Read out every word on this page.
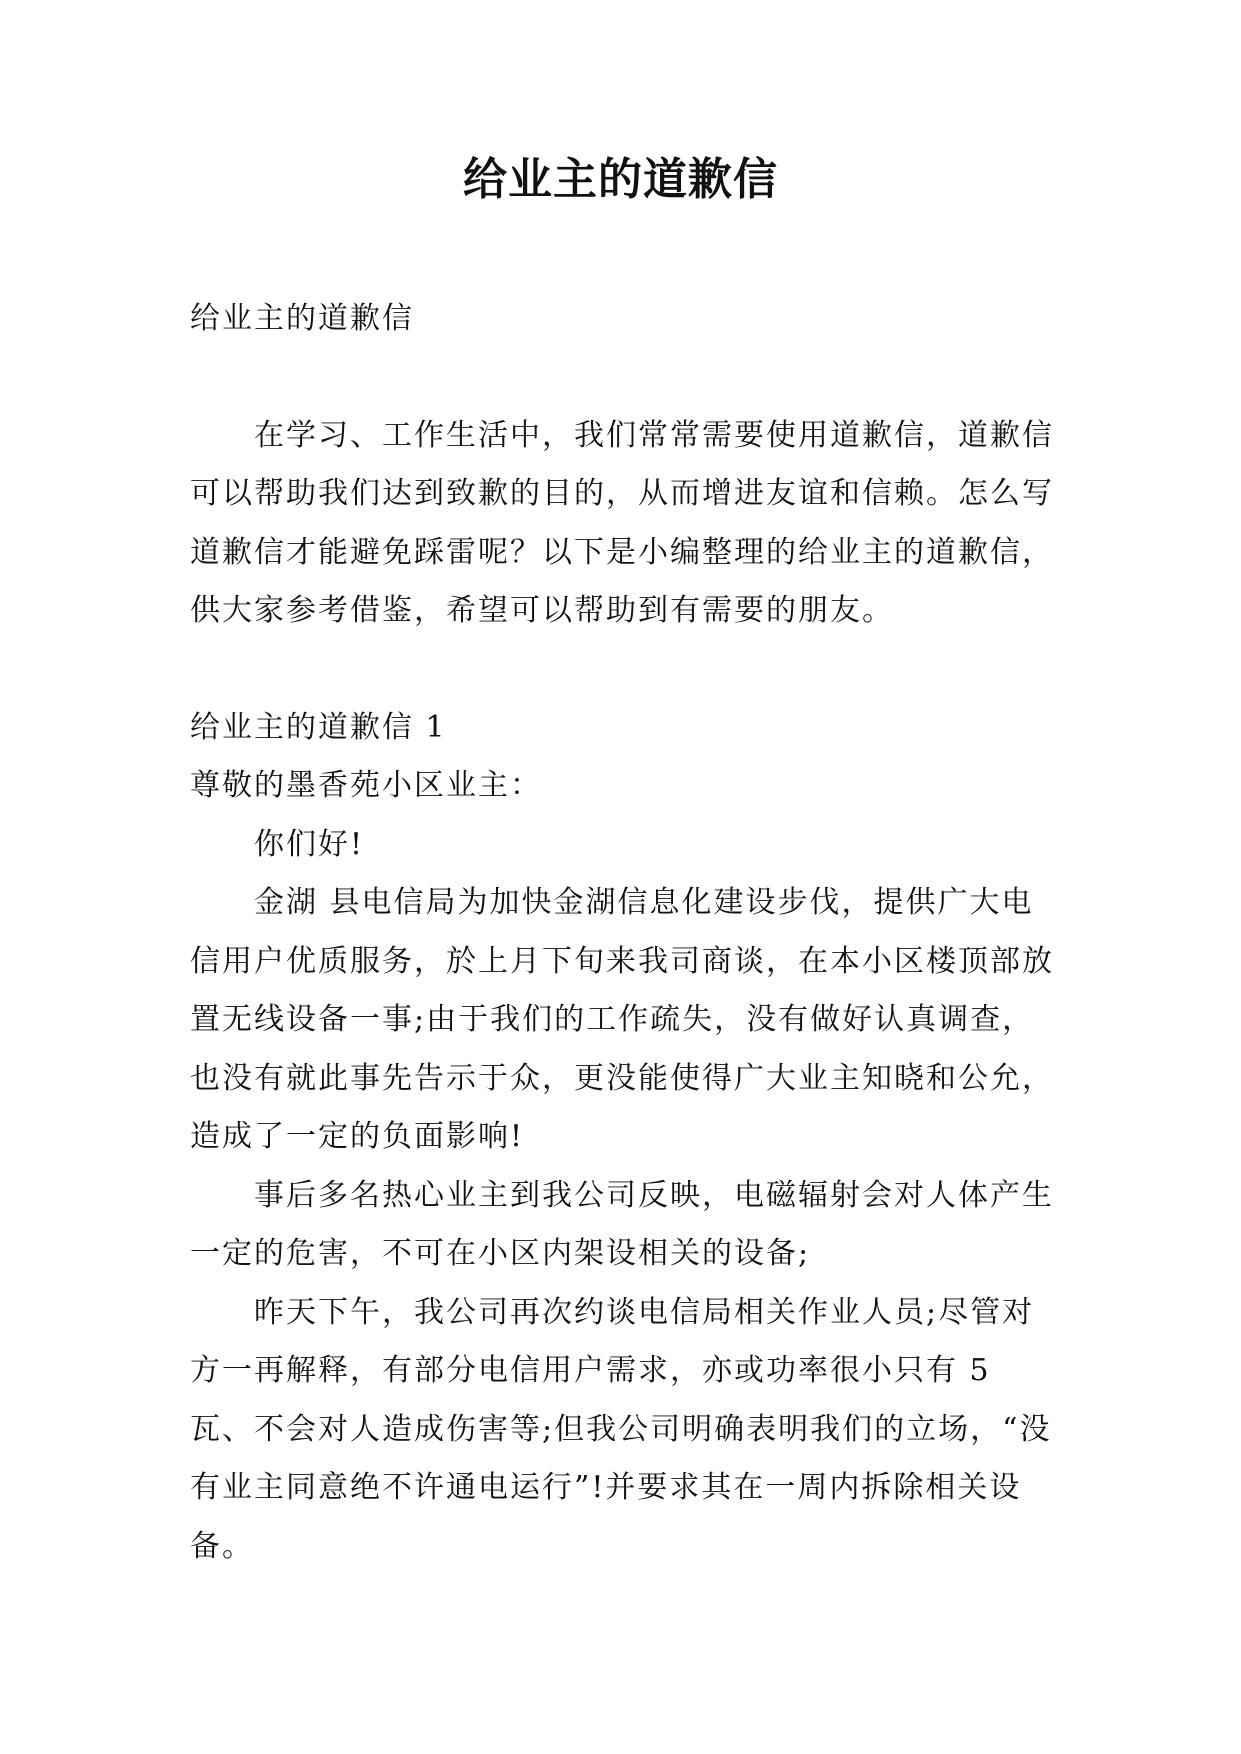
给业主的道歉信

给业主的道歉信

在学习、工作生活中，我们常常需要使用道歉信，道歉信可以帮助我们达到致歉的目的，从而增进友谊和信赖。怎么写道歉信才能避免踩雷呢？以下是小编整理的给业主的道歉信，供大家参考借鉴，希望可以帮助到有需要的朋友。

给业主的道歉信 1

尊敬的墨香苑小区业主：

你们好!

金湖 县电信局为加快金湖信息化建设步伐，提供广大电信用户优质服务，於上月下旬来我司商谈，在本小区楼顶部放置无线设备一事;由于我们的工作疏失，没有做好认真调查，也没有就此事先告示于众，更没能使得广大业主知晓和公允，造成了一定的负面影响!

事后多名热心业主到我公司反映，电磁辐射会对人体产生一定的危害，不可在小区内架设相关的设备;

昨天下午，我公司再次约谈电信局相关作业人员;尽管对方一再解释，有部分电信用户需求，亦或功率很小只有 5 瓦、不会对人造成伤害等;但我公司明确表明我们的立场，“没有业主同意绝不许通电运行”!并要求其在一周内拆除相关设备。
